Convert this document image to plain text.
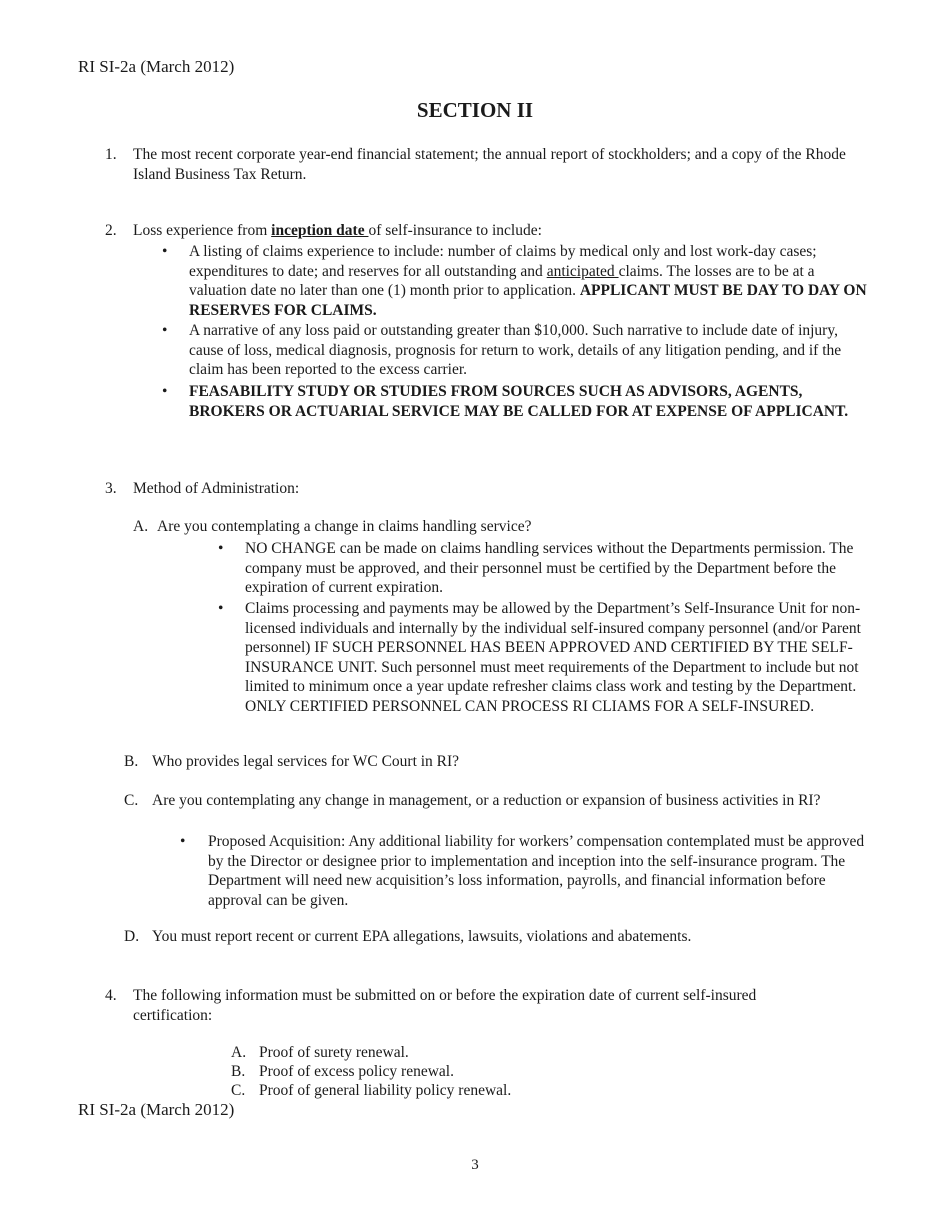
RI SI-2a (March 2012)
SECTION II
1.	The most recent corporate year-end financial statement; the annual report of stockholders; and a copy of the Rhode Island Business Tax Return.
2.	Loss experience from inception date of self-insurance to include:
•	A listing of claims experience to include: number of claims by medical only and lost work-day cases; expenditures to date; and reserves for all outstanding and anticipated claims. The losses are to be at a valuation date no later than one (1) month prior to application. APPLICANT MUST BE DAY TO DAY ON RESERVES FOR CLAIMS.
•	A narrative of any loss paid or outstanding greater than $10,000. Such narrative to include date of injury, cause of loss, medical diagnosis, prognosis for return to work, details of any litigation pending, and if the claim has been reported to the excess carrier.
•	FEASABILITY STUDY OR STUDIES FROM SOURCES SUCH AS ADVISORS, AGENTS, BROKERS OR ACTUARIAL SERVICE MAY BE CALLED FOR AT EXPENSE OF APPLICANT.
3.	Method of Administration:
A. Are you contemplating a change in claims handling service?
•	NO CHANGE can be made on claims handling services without the Departments permission. The company must be approved, and their personnel must be certified by the Department before the expiration of current expiration.
•	Claims processing and payments may be allowed by the Department’s Self-Insurance Unit for non-licensed individuals and internally by the individual self-insured company personnel (and/or Parent personnel) IF SUCH PERSONNEL HAS BEEN APPROVED AND CERTIFIED BY THE SELF-INSURANCE UNIT. Such personnel must meet requirements of the Department to include but not limited to minimum once a year update refresher claims class work and testing by the Department. ONLY CERTIFIED PERSONNEL CAN PROCESS RI CLIAMS FOR A SELF-INSURED.
B. Who provides legal services for WC Court in RI?
C. Are you contemplating any change in management, or a reduction or expansion of business activities in RI?
•	Proposed Acquisition: Any additional liability for workers’ compensation contemplated must be approved by the Director or designee prior to implementation and inception into the self-insurance program. The Department will need new acquisition’s loss information, payrolls, and financial information before approval can be given.
D. You must report recent or current EPA allegations, lawsuits, violations and abatements.
4.	The following information must be submitted on or before the expiration date of current self-insured certification:
A. Proof of surety renewal.
B. Proof of excess policy renewal.
C. Proof of general liability policy renewal.
RI SI-2a (March 2012)
3
